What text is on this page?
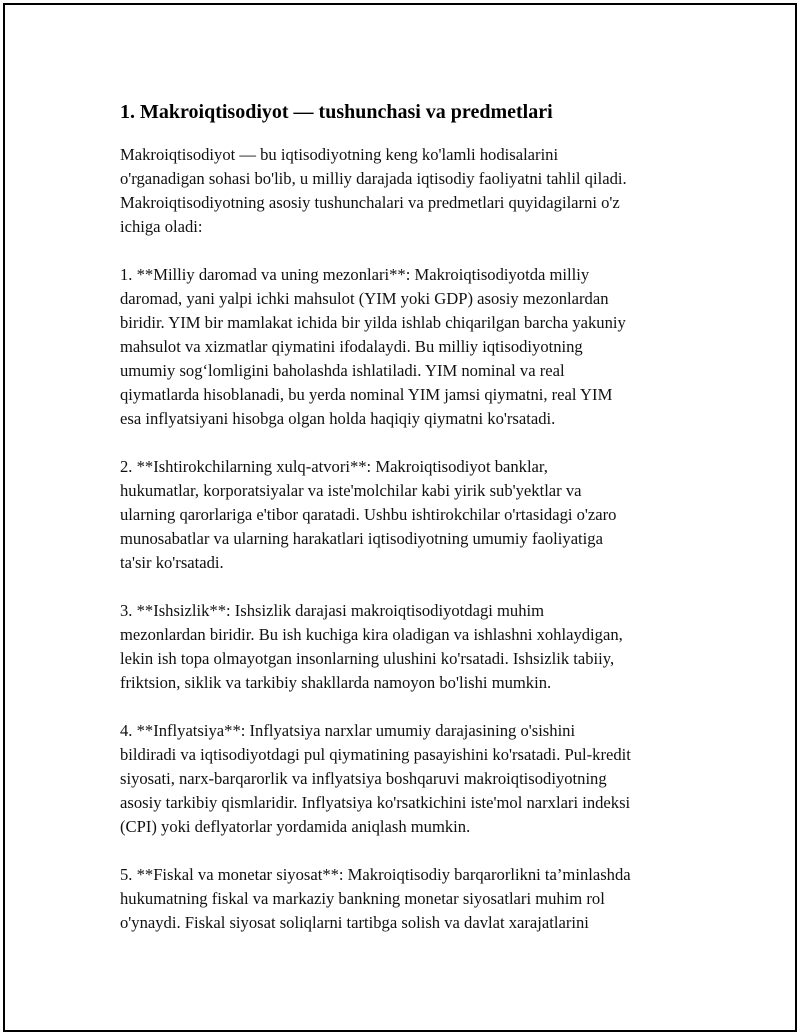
1. Makroiqtisodiyot — tushunchasi va predmetlari

Makroiqtisodiyot — bu iqtisodiyotning keng ko'lamli hodisalarini
o'rganadigan sohasi bo'lib, u milliy darajada iqtisodiy faoliyatni tahlil qiladi.
Makroiqtisodiyotning asosiy tushunchalari va predmetlari quyidagilarni o'z
ichiga oladi:

1. **Milliy daromad va uning mezonlari**: Makroiqtisodiyotda milliy
daromad, yani yalpi ichki mahsulot (YIM yoki GDP) asosiy mezonlardan
biridir. YIM bir mamlakat ichida bir yilda ishlab chiqarilgan barcha yakuniy
mahsulot va xizmatlar qiymatini ifodalaydi. Bu milliy iqtisodiyotning
umumiy sog‘lomligini baholashda ishlatiladi. YIM nominal va real
qiymatlarda hisoblanadi, bu yerda nominal YIM jamsi qiymatni, real YIM
esa inflyatsiyani hisobga olgan holda haqiqiy qiymatni ko'rsatadi.

2. **Ishtirokchilarning xulq-atvori**: Makroiqtisodiyot banklar,
hukumatlar, korporatsiyalar va iste'molchilar kabi yirik sub'yektlar va
ularning qarorlariga e'tibor qaratadi. Ushbu ishtirokchilar o'rtasidagi o'zaro
munosabatlar va ularning harakatlari iqtisodiyotning umumiy faoliyatiga
ta'sir ko'rsatadi.

3. **Ishsizlik**: Ishsizlik darajasi makroiqtisodiyotdagi muhim
mezonlardan biridir. Bu ish kuchiga kira oladigan va ishlashni xohlaydigan,
lekin ish topa olmayotgan insonlarning ulushini ko'rsatadi. Ishsizlik tabiiy,
friktsion, siklik va tarkibiy shakllarda namoyon bo'lishi mumkin.

4. **Inflyatsiya**: Inflyatsiya narxlar umumiy darajasining o'sishini
bildiradi va iqtisodiyotdagi pul qiymatining pasayishini ko'rsatadi. Pul-kredit
siyosati, narx-barqarorlik va inflyatsiya boshqaruvi makroiqtisodiyotning
asosiy tarkibiy qismlaridir. Inflyatsiya ko'rsatkichini iste'mol narxlari indeksi
(CPI) yoki deflyatorlar yordamida aniqlash mumkin.

5. **Fiskal va monetar siyosat**: Makroiqtisodiy barqarorlikni ta’minlashda
hukumatning fiskal va markaziy bankning monetar siyosatlari muhim rol
o'ynaydi. Fiskal siyosat soliqlarni tartibga solish va davlat xarajatlarini
